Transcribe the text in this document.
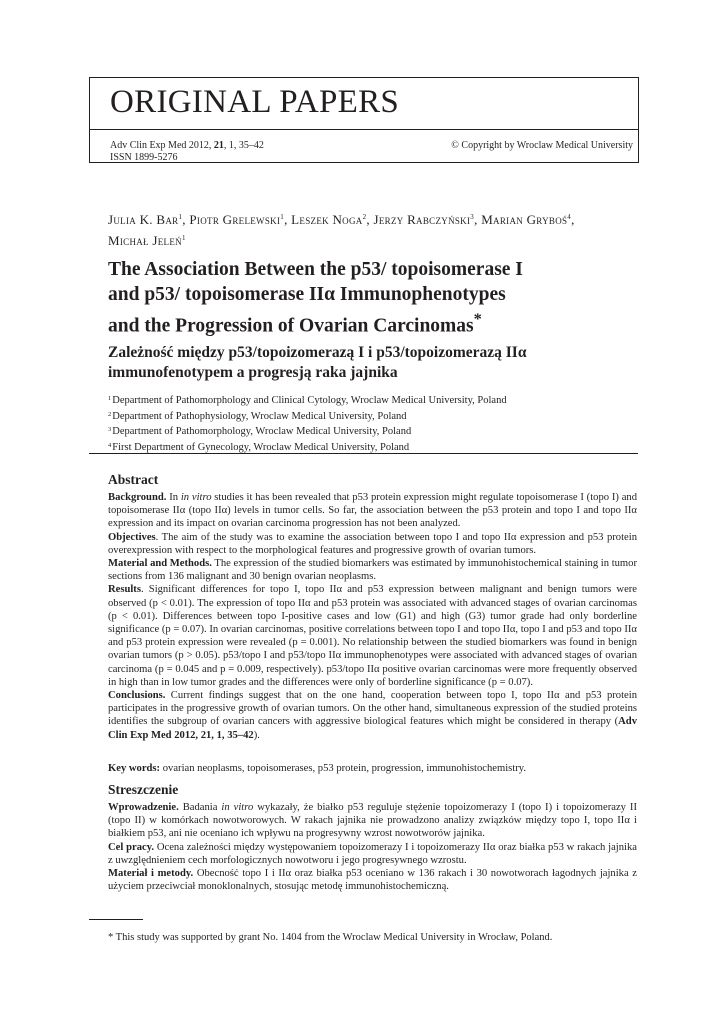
ORIGINAL PAPERS
Adv Clin Exp Med 2012, 21, 1, 35–42
ISSN 1899-5276
© Copyright by Wroclaw Medical University
Julia K. Bar$^1$, Piotr Grelewski$^1$, Leszek Noga$^2$, Jerzy Rabczyński$^3$, Marian Gryboś$^4$,
Michał Jeleń$^1$
The Association Between the p53/ topoisomerase I
and p53/ topoisomerase IIα Immunophenotypes
and the Progression of Ovarian Carcinomas*
Zależność między p53/topoizomerazą I i p53/topoizomerazą IIα
immunofenotypem a progresją raka jajnika
$^1$Department of Pathomorphology and Clinical Cytology, Wroclaw Medical University, Poland
$^2$Department of Pathophysiology, Wroclaw Medical University, Poland
$^3$Department of Pathomorphology, Wroclaw Medical University, Poland
$^4$First Department of Gynecology, Wroclaw Medical University, Poland
Abstract
Background. In in vitro studies it has been revealed that p53 protein expression might regulate topoisomerase I (topo I) and topoisomerase IIα (topo IIα) levels in tumor cells. So far, the association between the p53 protein and topo I and topo IIα expression and its impact on ovarian carcinoma progression has not been analyzed.
Objectives. The aim of the study was to examine the association between topo I and topo IIα expression and p53 protein overexpression with respect to the morphological features and progressive growth of ovarian tumors.
Material and Methods. The expression of the studied biomarkers was estimated by immunohistochemical staining in tumor sections from 136 malignant and 30 benign ovarian neoplasms.
Results. Significant differences for topo I, topo IIα and p53 expression between malignant and benign tumors were observed (p < 0.01). The expression of topo IIα and p53 protein was associated with advanced stages of ovarian carcinomas (p < 0.01). Differences between topo I-positive cases and low (G1) and high (G3) tumor grade had only borderline significance (p = 0.07). In ovarian carcinomas, positive correlations between topo I and topo IIα, topo I and p53 and topo IIα and p53 protein expression were revealed (p = 0.001). No relationship between the studied biomarkers was found in benign ovarian tumors (p > 0.05). p53/topo I and p53/topo IIα immunophenotypes were associated with advanced stages of ovarian carcinoma (p = 0.045 and p = 0.009, respectively). p53/topo IIα positive ovarian carcinomas were more frequently observed in high than in low tumor grades and the differences were only of borderline significance (p = 0.07).
Conclusions. Current findings suggest that on the one hand, cooperation between topo I, topo IIα and p53 protein participates in the progressive growth of ovarian tumors. On the other hand, simultaneous expression of the studied proteins identifies the subgroup of ovarian cancers with aggressive biological features which might be considered in therapy (Adv Clin Exp Med 2012, 21, 1, 35–42).
Key words: ovarian neoplasms, topoisomerases, p53 protein, progression, immunohistochemistry.
Streszczenie
Wprowadzenie. Badania in vitro wykazały, że białko p53 reguluje stężenie topoizomerazy I (topo I) i topoizomerazy II (topo II) w komórkach nowotworowych. W rakach jajnika nie prowadzono analizy związków między topo I, topo IIα i białkiem p53, ani nie oceniano ich wpływu na progresywny wzrost nowotworów jajnika.
Cel pracy. Ocena zależności między występowaniem topoizomerazy I i topoizomerazy IIα oraz białka p53 w rakach jajnika z uwzględnieniem cech morfologicznych nowotworu i jego progresywnego wzrostu.
Materiał i metody. Obecność topo I i IIα oraz białka p53 oceniano w 136 rakach i 30 nowotworach łagodnych jajnika z użyciem przeciwciał monoklonalnych, stosując metodę immunohistochemiczną.
* This study was supported by grant No. 1404 from the Wroclaw Medical University in Wrocław, Poland.
